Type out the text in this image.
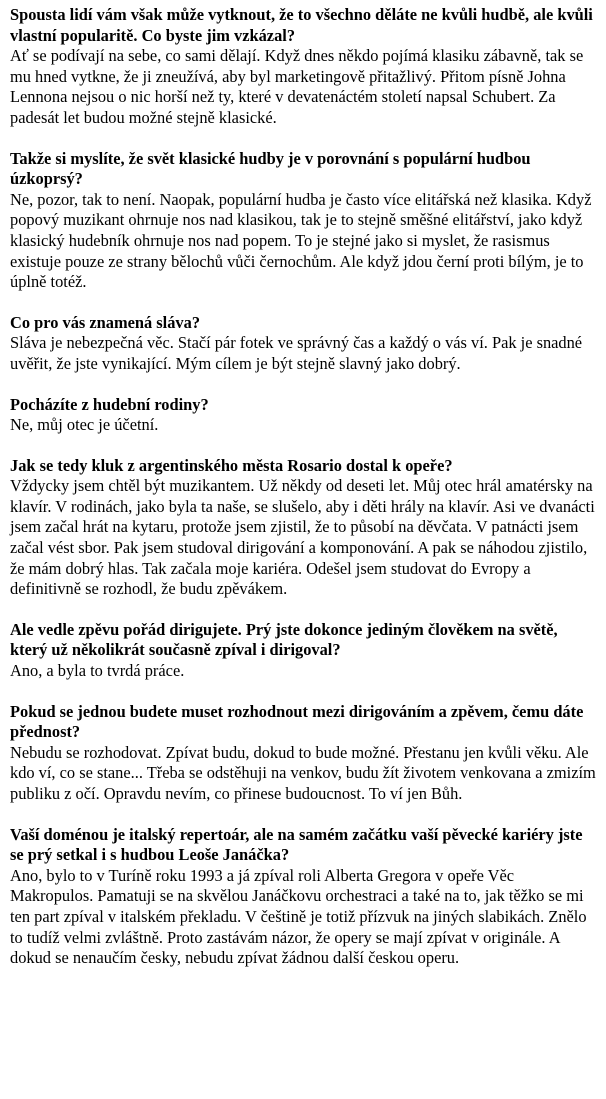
Spousta lidí vám však může vytknout, že to všechno děláte ne kvůli hudbě, ale kvůli vlastní popularitě. Co byste jim vzkázal?

Ať se podívají na sebe, co sami dělají. Když dnes někdo pojímá klasiku zábavně, tak se mu hned vytkne, že ji zneužívá, aby byl marketingově přitažlivý. Přitom písně Johna Lennona nejsou o nic horší než ty, které v devatenáctém století napsal Schubert. Za padesát let budou možné stejně klasické.

Takže si myslíte, že svět klasické hudby je v porovnání s populární hudbou úzkoprsý?

Ne, pozor, tak to není. Naopak, populární hudba je často více elitářská než klasika. Když popový muzikant ohrnuje nos nad klasikou, tak je to stejně směšné elitářství, jako když klasický hudebník ohrnuje nos nad popem. To je stejné jako si myslet, že rasismus existuje pouze ze strany bělochů vůči černochům. Ale když jdou černí proti bílým, je to úplně totéž.

Co pro vás znamená sláva?

Sláva je nebezpečná věc. Stačí pár fotek ve správný čas a každý o vás ví. Pak je snadné uvěřit, že jste vynikající. Mým cílem je být stejně slavný jako dobrý.

Pocházíte z hudební rodiny?

Ne, můj otec je účetní.

Jak se tedy kluk z argentinského města Rosario dostal k opeře?

Vždycky jsem chtěl být muzikantem. Už někdy od deseti let. Můj otec hrál amatérsky na klavír. V rodinách, jako byla ta naše, se slušelo, aby i děti hrály na klavír. Asi ve dvanácti jsem začal hrát na kytaru, protože jsem zjistil, že to působí na děvčata. V patnácti jsem začal vést sbor. Pak jsem studoval dirigování a komponování. A pak se náhodou zjistilo, že mám dobrý hlas. Tak začala moje kariéra. Odešel jsem studovat do Evropy a definitivně se rozhodl, že budu zpěvákem.

Ale vedle zpěvu pořád dirigujete. Prý jste dokonce jediným člověkem na světě, který už několikrát současně zpíval i dirigoval?

Ano, a byla to tvrdá práce.

Pokud se jednou budete muset rozhodnout mezi dirigováním a zpěvem, čemu dáte přednost?

Nebudu se rozhodovat. Zpívat budu, dokud to bude možné. Přestanu jen kvůli věku. Ale kdo ví, co se stane... Třeba se odstěhuji na venkov, budu žít životem venkovana a zmizím publiku z očí. Opravdu nevím, co přinese budoucnost. To ví jen Bůh.

Vaší doménou je italský repertoár, ale na samém začátku vaší pěvecké kariéry jste se prý setkal i s hudbou Leoše Janáčka?

Ano, bylo to v Turíně roku 1993 a já zpíval roli Alberta Gregora v opeře Věc Makropulos. Pamatuji se na skvělou Janáčkovu orchestraci a také na to, jak těžko se mi ten part zpíval v italském překladu. V češtině je totiž přízvuk na jiných slabikách. Znělo to tudíž velmi zvláštně. Proto zastávám názor, že opery se mají zpívat v originále. A dokud se nenaučím česky, nebudu zpívat žádnou další českou operu.
